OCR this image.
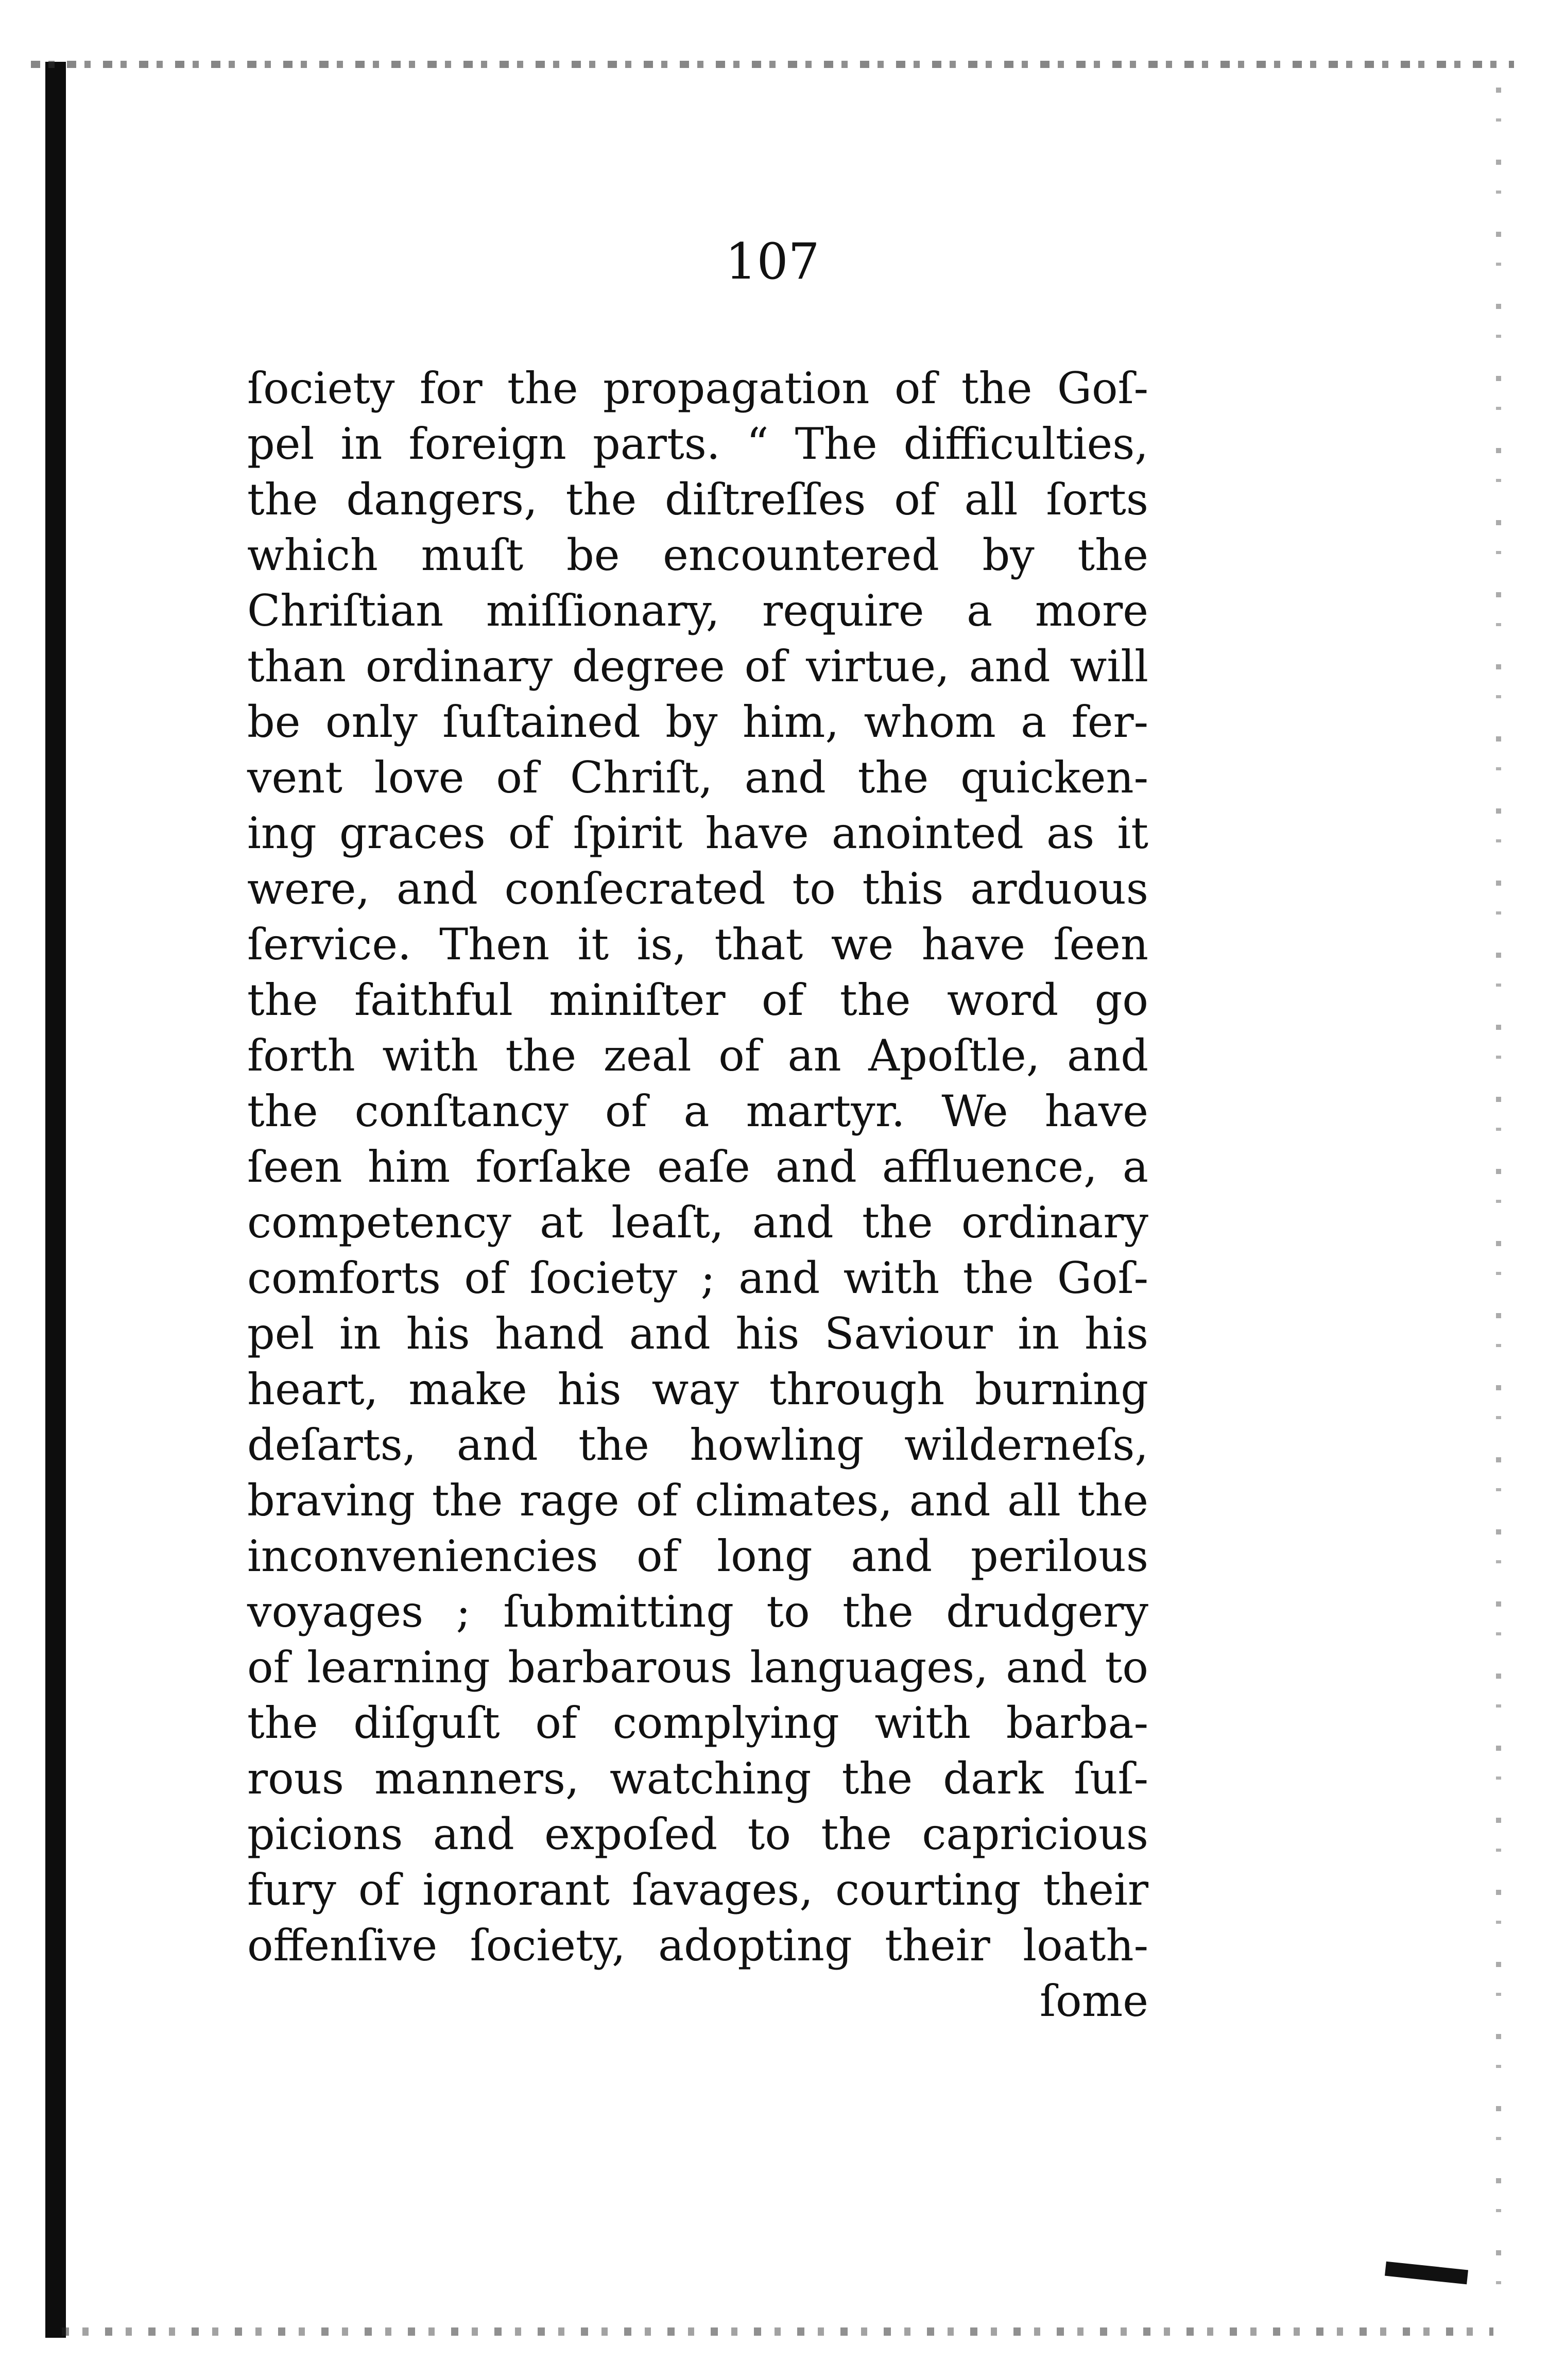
107
ſociety for the propagation of the Goſ-
pel in foreign parts. “ The difficulties,
the dangers, the diſtreſſes of all ſorts
which muſt be encountered by the
Chriſtian miſſionary, require a more
than ordinary degree of virtue, and will
be only ſuſtained by him, whom a fer-
vent love of Chriſt, and the quicken-
ing graces of ſpirit have anointed as it
were, and conſecrated to this arduous
ſervice. Then it is, that we have ſeen
the faithful miniſter of the word go
forth with the zeal of an Apoſtle, and
the conſtancy of a martyr. We have
ſeen him forſake eaſe and affluence, a
competency at leaſt, and the ordinary
comforts of ſociety ; and with the Goſ-
pel in his hand and his Saviour in his
heart, make his way through burning
deſarts, and the howling wilderneſs,
braving the rage of climates, and all the
inconveniencies of long and perilous
voyages ; ſubmitting to the drudgery
of learning barbarous languages, and to
the diſguſt of complying with barba-
rous manners, watching the dark ſuſ-
picions and expoſed to the capricious
fury of ignorant ſavages, courting their
offenſive ſociety, adopting their loath-
ſome
